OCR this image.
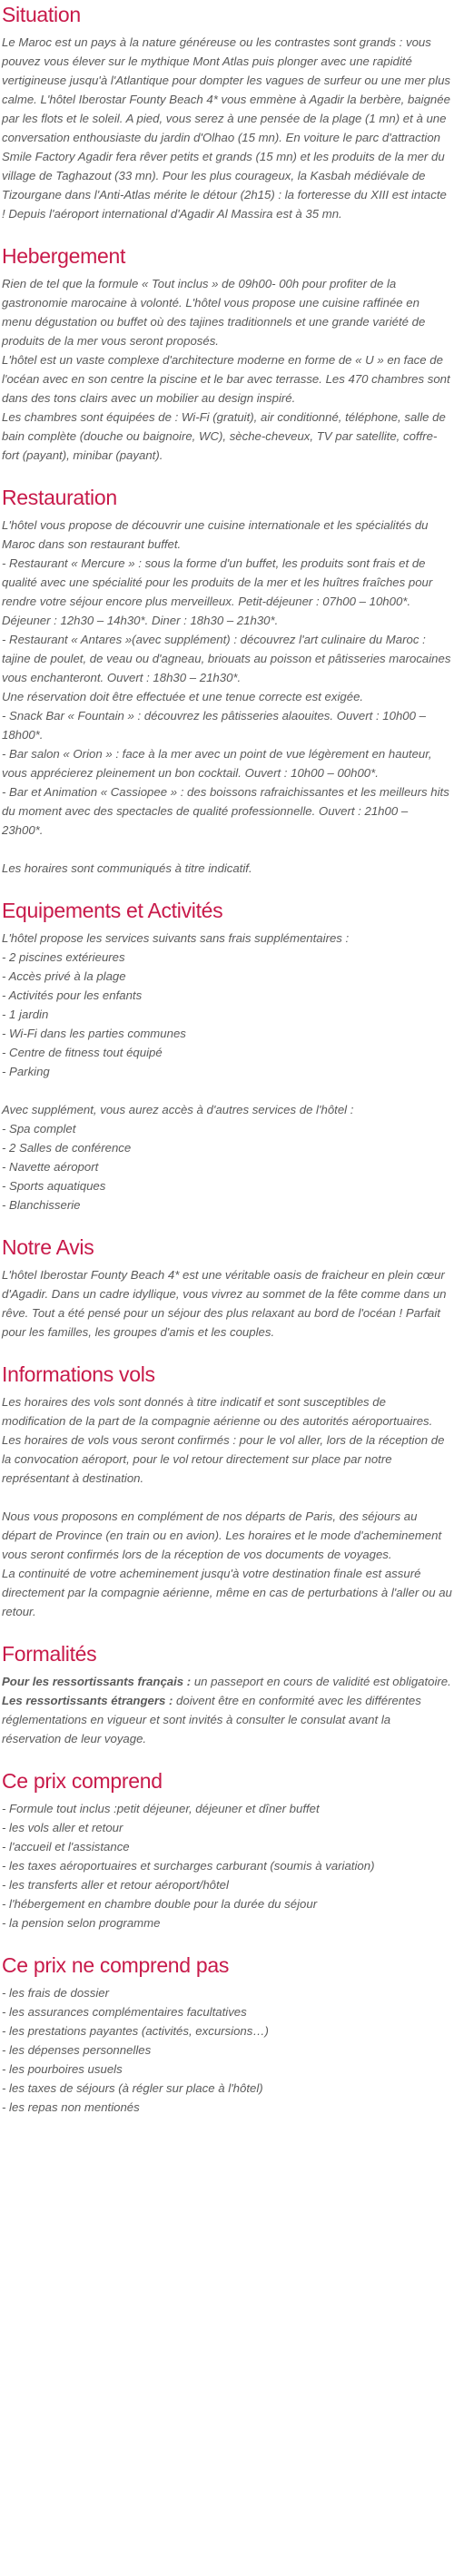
Situation
Le Maroc est un pays à la nature généreuse ou les contrastes sont grands : vous pouvez vous élever sur le mythique Mont Atlas puis plonger avec une rapidité vertigineuse jusqu'à l'Atlantique pour dompter les vagues de surfeur ou une mer plus calme. L'hôtel Iberostar Founty Beach 4* vous emmène à Agadir la berbère, baignée par les flots et le soleil. A pied, vous serez à une pensée de la plage (1 mn) et à une conversation enthousiaste du jardin d'Olhao (15 mn). En voiture le parc d'attraction Smile Factory Agadir fera rêver petits et grands (15 mn) et les produits de la mer du village de Taghazout (33 mn). Pour les plus courageux, la Kasbah médiévale de Tizourgane dans l'Anti-Atlas mérite le détour (2h15) : la forteresse du XIII est intacte ! Depuis l'aéroport international d'Agadir Al Massira est à 35 mn.
Hebergement
Rien de tel que la formule « Tout inclus » de 09h00- 00h pour profiter de la gastronomie marocaine à volonté. L'hôtel vous propose une cuisine raffinée en menu dégustation ou buffet où des tajines traditionnels et une grande variété de produits de la mer vous seront proposés.
L'hôtel est un vaste complexe d'architecture moderne en forme de « U » en face de l'océan avec en son centre la piscine et le bar avec terrasse. Les 470 chambres sont dans des tons clairs avec un mobilier au design inspiré.
Les chambres sont équipées de : Wi-Fi (gratuit), air conditionné, téléphone, salle de bain complète (douche ou baignoire, WC), sèche-cheveux, TV par satellite, coffre-fort (payant), minibar (payant).
Restauration
L'hôtel vous propose de découvrir une cuisine internationale et les spécialités du Maroc dans son restaurant buffet.
- Restaurant « Mercure » : sous la forme d'un buffet, les produits sont frais et de qualité avec une spécialité pour les produits de la mer et les huîtres fraîches pour rendre votre séjour encore plus merveilleux. Petit-déjeuner : 07h00 – 10h00*. Déjeuner : 12h30 – 14h30*. Diner : 18h30 – 21h30*.
- Restaurant « Antares »(avec supplément) : découvrez l'art culinaire du Maroc : tajine de poulet, de veau ou d'agneau, briouats au poisson et pâtisseries marocaines vous enchanteront. Ouvert : 18h30 – 21h30*.
Une réservation doit être effectuée et une tenue correcte est exigée.
- Snack Bar « Fountain » : découvrez les pâtisseries alaouites. Ouvert : 10h00 – 18h00*.
- Bar salon « Orion » : face à la mer avec un point de vue légèrement en hauteur, vous apprécierez pleinement un bon cocktail. Ouvert : 10h00 – 00h00*.
- Bar et Animation « Cassiopee » : des boissons rafraichissantes et les meilleurs hits du moment avec des spectacles de qualité professionnelle. Ouvert : 21h00 – 23h00*.
Les horaires sont communiqués à titre indicatif.
Equipements et Activités
L'hôtel propose les services suivants sans frais supplémentaires :
- 2 piscines extérieures
- Accès privé à la plage
- Activités pour les enfants
- 1 jardin
- Wi-Fi dans les parties communes
- Centre de fitness tout équipé
- Parking
Avec supplément, vous aurez accès à d'autres services de l'hôtel :
- Spa complet
- 2 Salles de conférence
- Navette aéroport
- Sports aquatiques
- Blanchisserie
Notre Avis
L'hôtel Iberostar Founty Beach 4* est une véritable oasis de fraicheur en plein cœur d'Agadir. Dans un cadre idyllique, vous vivrez au sommet de la fête comme dans un rêve. Tout a été pensé pour un séjour des plus relaxant au bord de l'océan ! Parfait pour les familles, les groupes d'amis et les couples.
Informations vols
Les horaires des vols sont donnés à titre indicatif et sont susceptibles de modification de la part de la compagnie aérienne ou des autorités aéroportuaires.
Les horaires de vols vous seront confirmés : pour le vol aller, lors de la réception de la convocation aéroport, pour le vol retour directement sur place par notre représentant à destination.
Nous vous proposons en complément de nos départs de Paris, des séjours au départ de Province (en train ou en avion). Les horaires et le mode d'acheminement vous seront confirmés lors de la réception de vos documents de voyages.
La continuité de votre acheminement jusqu'à votre destination finale est assuré directement par la compagnie aérienne, même en cas de perturbations à l'aller ou au retour.
Formalités
Pour les ressortissants français : un passeport en cours de validité est obligatoire.
Les ressortissants étrangers : doivent être en conformité avec les différentes réglementations en vigueur et sont invités à consulter le consulat avant la réservation de leur voyage.
Ce prix comprend
- Formule tout inclus :petit déjeuner, déjeuner et dîner buffet
- les vols aller et retour
- l'accueil et l'assistance
- les taxes aéroportuaires et surcharges carburant (soumis à variation)
- les transferts aller et retour aéroport/hôtel
- l'hébergement en chambre double pour la durée du séjour
- la pension selon programme
Ce prix ne comprend pas
- les frais de dossier
- les assurances complémentaires facultatives
- les prestations payantes (activités, excursions…)
- les dépenses personnelles
- les pourboires usuels
- les taxes de séjours (à régler sur place à l'hôtel)
- les repas non mentionés
